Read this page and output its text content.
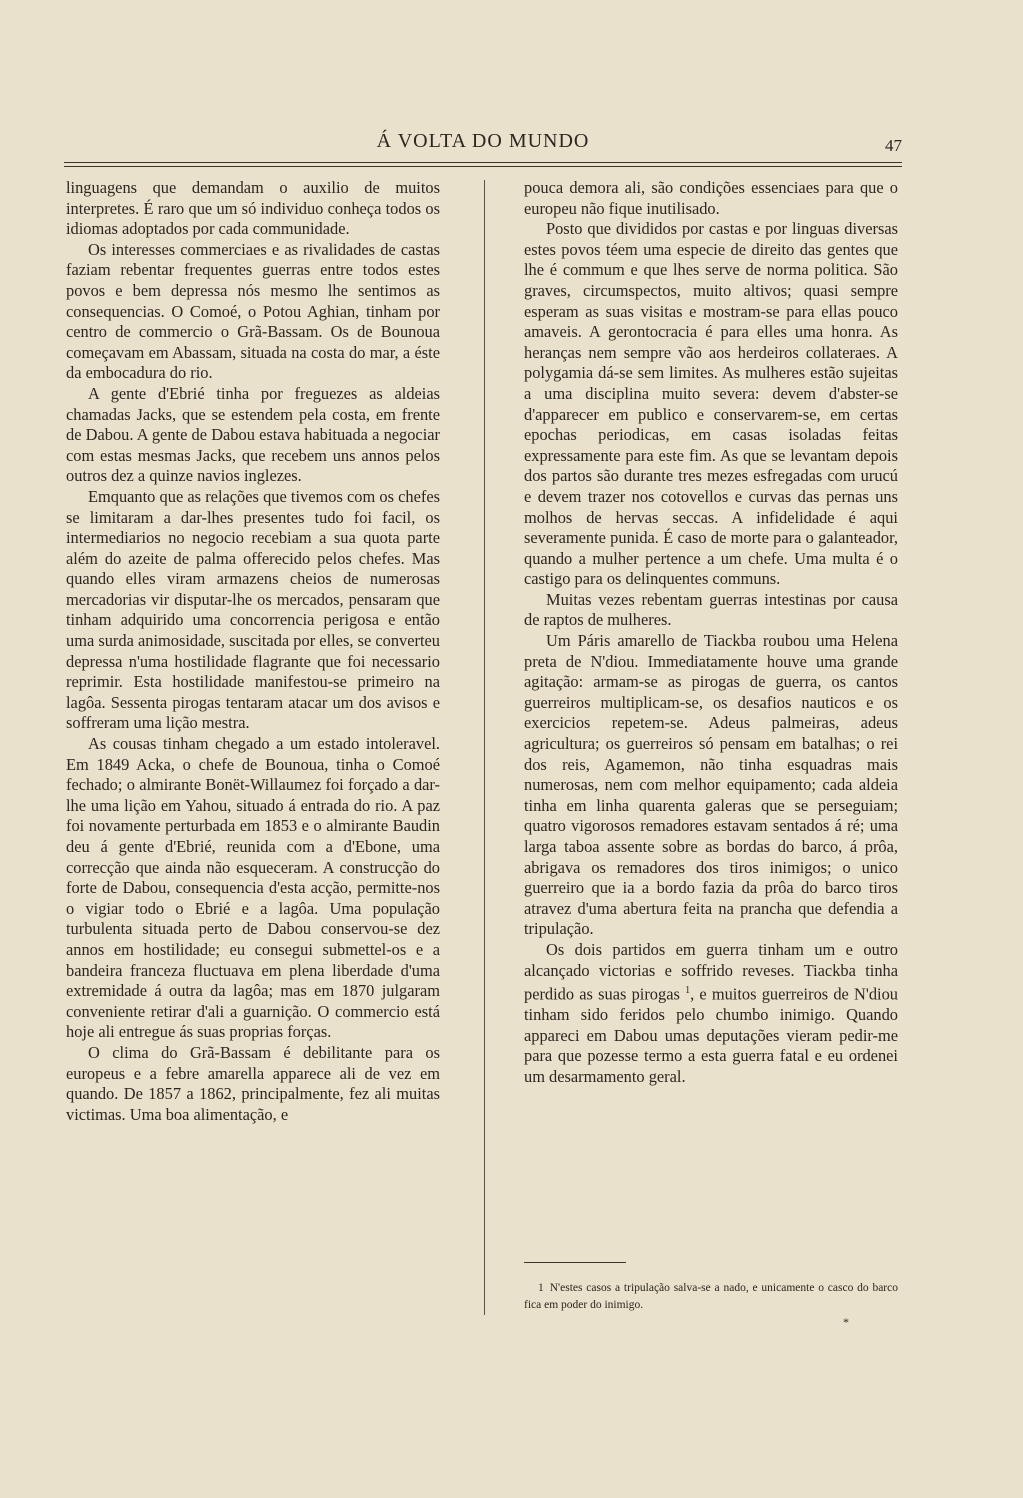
Á VOLTA DO MUNDO	47

linguagens que demandam o auxilio de muitos interpretes. É raro que um só individuo conheça todos os idiomas adoptados por cada communidade.

Os interesses commerciaes e as rivalidades de castas faziam rebentar frequentes guerras entre todos estes povos e bem depressa nós mesmo lhe sentimos as consequencias. O Comoé, o Potou Aghian, tinham por centro de commercio o Grã-Bassam. Os de Bounoua começavam em Abassam, situada na costa do mar, a éste da embocadura do rio.

A gente d'Ebrié tinha por freguezes as aldeias chamadas Jacks, que se estendem pela costa, em frente de Dabou. A gente de Dabou estava habituada a negociar com estas mesmas Jacks, que recebem uns annos pelos outros dez a quinze navios inglezes.

Emquanto que as relações que tivemos com os chefes se limitaram a dar-lhes presentes tudo foi facil, os intermediarios no negocio recebiam a sua quota parte além do azeite de palma offerecido pelos chefes. Mas quando elles viram armazens cheios de numerosas mercadorias vir disputar-lhe os mercados, pensaram que tinham adquirido uma concorrencia perigosa e então uma surda animosidade, suscitada por elles, se converteu depressa n'uma hostilidade flagrante que foi necessario reprimir. Esta hostilidade manifestou-se primeiro na lagôa. Sessenta pirogas tentaram atacar um dos avisos e soffreram uma lição mestra.

As cousas tinham chegado a um estado intoleravel. Em 1849 Acka, o chefe de Bounoua, tinha o Comoé fechado; o almirante Bonët-Willaumez foi forçado a dar-lhe uma lição em Yahou, situado á entrada do rio. A paz foi novamente perturbada em 1853 e o almirante Baudin deu á gente d'Ebrié, reunida com a d'Ebone, uma correcção que ainda não esqueceram. A construcção do forte de Dabou, consequencia d'esta acção, permitte-nos o vigiar todo o Ebrié e a lagôa. Uma população turbulenta situada perto de Dabou conservou-se dez annos em hostilidade; eu consegui submettel-os e a bandeira franceza fluctuava em plena liberdade d'uma extremidade á outra da lagôa; mas em 1870 julgaram conveniente retirar d'ali a guarnição. O commercio está hoje ali entregue ás suas proprias forças.

O clima do Grã-Bassam é debilitante para os europeus e a febre amarella apparece ali de vez em quando. De 1857 a 1862, principalmente, fez ali muitas victimas. Uma boa alimentação, e

pouca demora ali, são condições essenciaes para que o europeu não fique inutilisado.

Posto que divididos por castas e por linguas diversas estes povos téem uma especie de direito das gentes que lhe é commum e que lhes serve de norma politica. São graves, circumspectos, muito altivos; quasi sempre esperam as suas visitas e mostram-se para ellas pouco amaveis. A gerontocracia é para elles uma honra. As heranças nem sempre vão aos herdeiros collateraes. A polygamia dá-se sem limites. As mulheres estão sujeitas a uma disciplina muito severa: devem d'abster-se d'apparecer em publico e conservarem-se, em certas epochas periodicas, em casas isoladas feitas expressamente para este fim. As que se levantam depois dos partos são durante tres mezes esfregadas com urucú e devem trazer nos cotovellos e curvas das pernas uns molhos de hervas seccas. A infidelidade é aqui severamente punida. É caso de morte para o galanteador, quando a mulher pertence a um chefe. Uma multa é o castigo para os delinquentes communs.

Muitas vezes rebentam guerras intestinas por causa de raptos de mulheres.

Um Páris amarello de Tiackba roubou uma Helena preta de N'diou. Immediatamente houve uma grande agitação: armam-se as pirogas de guerra, os cantos guerreiros multiplicam-se, os desafios nauticos e os exercicios repetem-se. Adeus palmeiras, adeus agricultura; os guerreiros só pensam em batalhas; o rei dos reis, Agamemon, não tinha esquadras mais numerosas, nem com melhor equipamento; cada aldeia tinha em linha quarenta galeras que se perseguiam; quatro vigorosos remadores estavam sentados á ré; uma larga taboa assente sobre as bordas do barco, á prôa, abrigava os remadores dos tiros inimigos; o unico guerreiro que ia a bordo fazia da prôa do barco tiros atravez d'uma abertura feita na prancha que defendia a tripulação.

Os dois partidos em guerra tinham um e outro alcançado victorias e soffrido reveses. Tiackba tinha perdido as suas pirogas $^1$, e muitos guerreiros de N'diou tinham sido feridos pelo chumbo inimigo. Quando appareci em Dabou umas deputações vieram pedir-me para que pozesse termo a esta guerra fatal e eu ordenei um desarmamento geral.

1 N'estes casos a tripulação salva-se a nado, e unicamente o casco do barco fica em poder do inimigo.
*
